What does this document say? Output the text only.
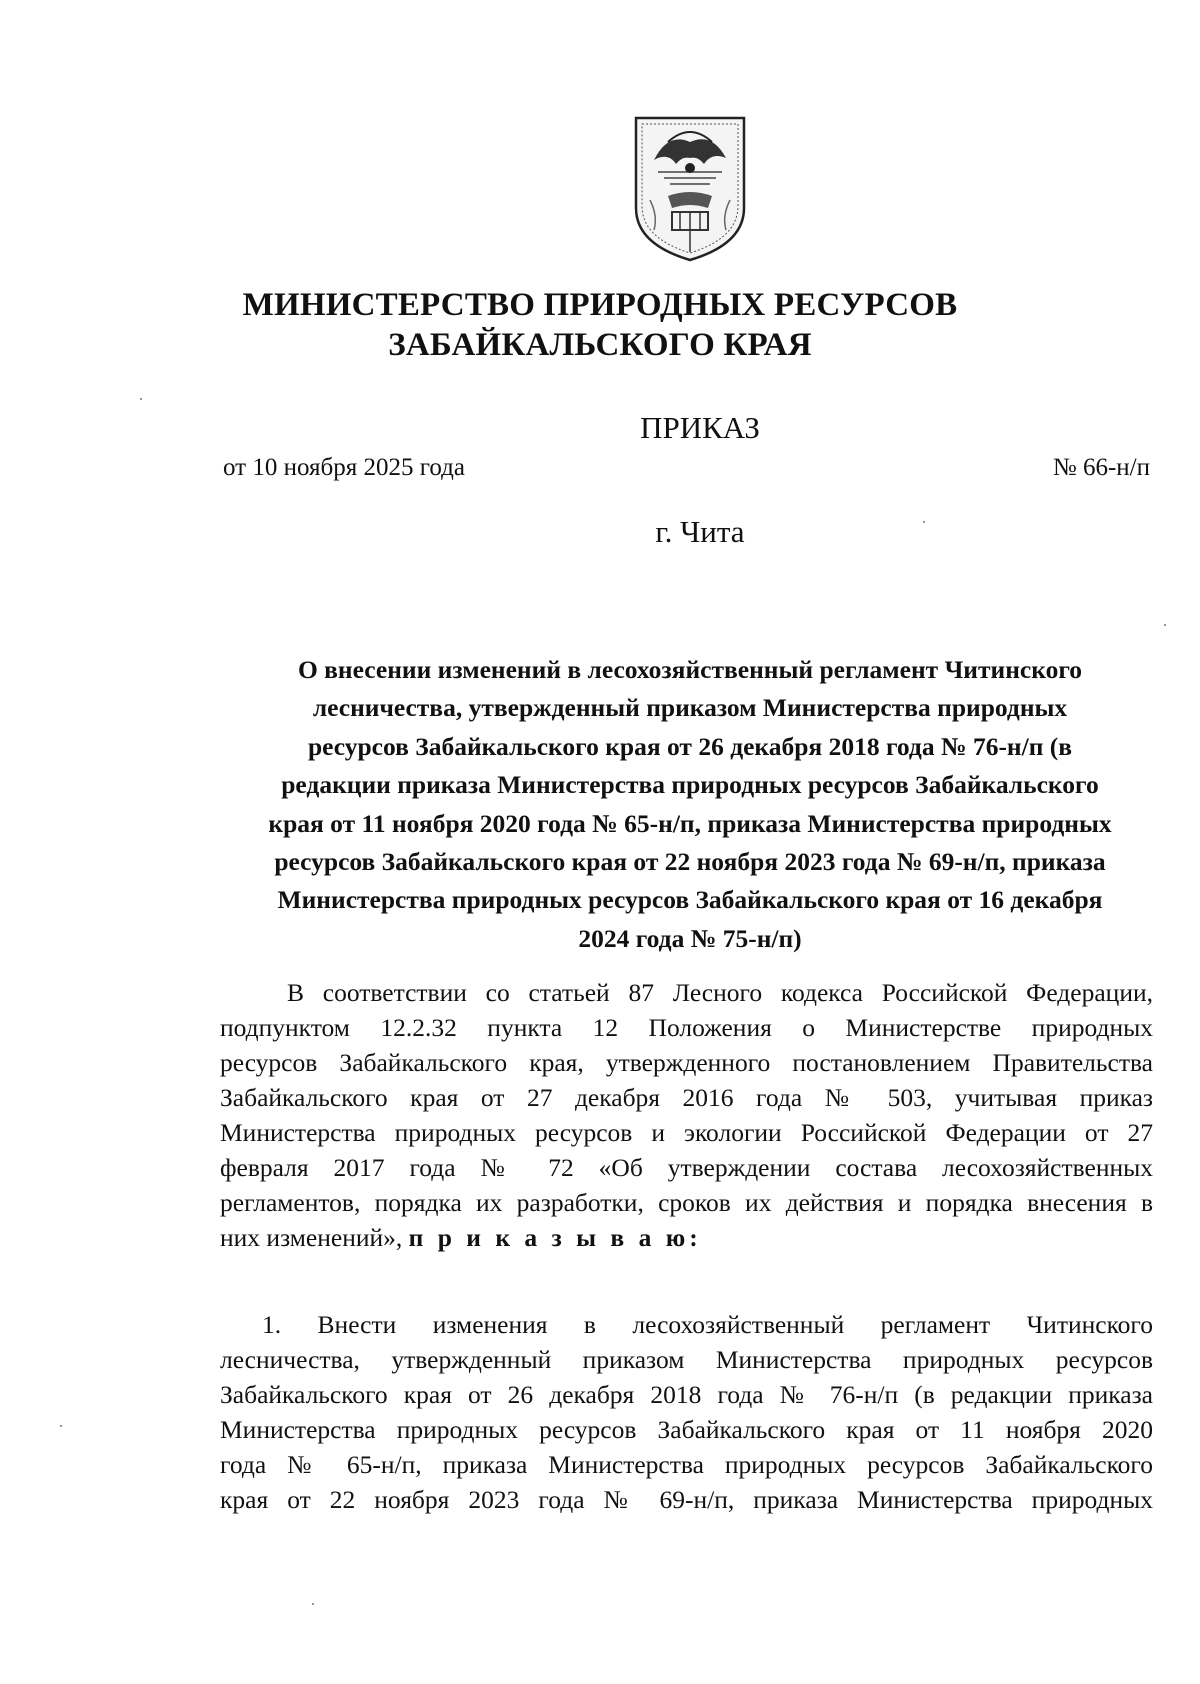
МИНИСТЕРСТВО ПРИРОДНЫХ РЕСУРСОВ
ЗАБАЙКАЛЬСКОГО КРАЯ
ПРИКАЗ
от 10 ноября 2025 года	№ 66-н/п
г. Чита
О внесении изменений в лесохозяйственный регламент Читинского
лесничества, утвержденный приказом Министерства природных
ресурсов Забайкальского края от 26 декабря 2018 года № 76-н/п (в
редакции приказа Министерства природных ресурсов Забайкальского
края от 11 ноября 2020 года № 65-н/п, приказа Министерства природных
ресурсов Забайкальского края от 22 ноября 2023 года № 69-н/п, приказа
Министерства природных ресурсов Забайкальского края от 16 декабря
2024 года № 75-н/п)
В соответствии со статьей 87 Лесного кодекса Российской Федерации,
подпунктом 12.2.32 пункта 12 Положения о Министерстве природных
ресурсов Забайкальского края, утвержденного постановлением Правительства
Забайкальского края от 27 декабря 2016 года № 503, учитывая приказ
Министерства природных ресурсов и экологии Российской Федерации от 27
февраля 2017 года № 72 «Об утверждении состава лесохозяйственных
регламентов, порядка их разработки, сроков их действия и порядка внесения в
них изменений», п р и к а з ы в а ю:
1. Внести изменения в лесохозяйственный регламент Читинского
лесничества, утвержденный приказом Министерства природных ресурсов
Забайкальского края от 26 декабря 2018 года № 76-н/п (в редакции приказа
Министерства природных ресурсов Забайкальского края от 11 ноября 2020
года № 65-н/п, приказа Министерства природных ресурсов Забайкальского
края от 22 ноября 2023 года № 69-н/п, приказа Министерства природных
